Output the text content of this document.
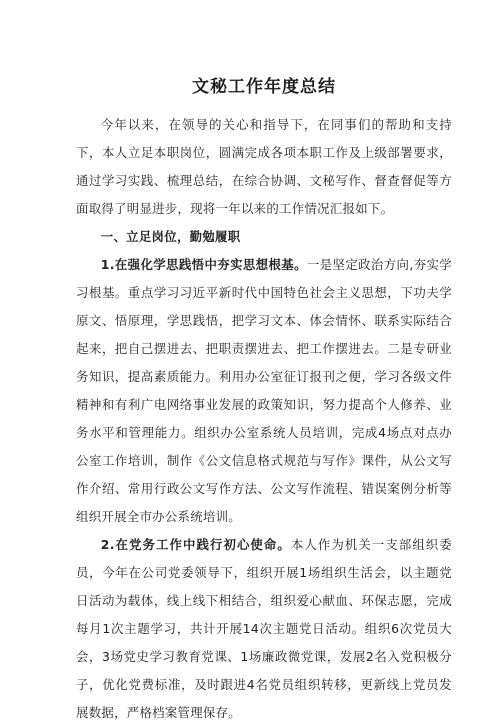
文秘工作年度总结

今年以来，在领导的关心和指导下，在同事们的帮助和支持下，本人立足本职岗位，圆满完成各项本职工作及上级部署要求，通过学习实践、梳理总结，在综合协调、文秘写作、督查督促等方面取得了明显进步，现将一年以来的工作情况汇报如下。

一、立足岗位，勤勉履职

1.在强化学思践悟中夯实思想根基。一是坚定政治方向,夯实学习根基。重点学习习近平新时代中国特色社会主义思想，下功夫学原文、悟原理，学思践悟，把学习文本、体会情怀、联系实际结合起来，把自己摆进去、把职责摆进去、把工作摆进去。二是专研业务知识，提高素质能力。利用办公室征订报刊之便，学习各级文件精神和有利广电网络事业发展的政策知识，努力提高个人修养、业务水平和管理能力。组织办公室系统人员培训，完成4场点对点办公室工作培训，制作《公文信息格式规范与写作》课件，从公文写作介绍、常用行政公文写作方法、公文写作流程、错误案例分析等组织开展全市办公系统培训。

2.在党务工作中践行初心使命。本人作为机关一支部组织委员，今年在公司党委领导下，组织开展1场组织生活会，以主题党日活动为载体，线上线下相结合，组织爱心献血、环保志愿，完成每月1次主题学习，共计开展14次主题党日活动。组织6次党员大会，3场党史学习教育党课、1场廉政微党课，发展2名入党积极分子，优化党费标准，及时跟进4名党员组织转移，更新线上党员发展数据，严格档案管理保存。
